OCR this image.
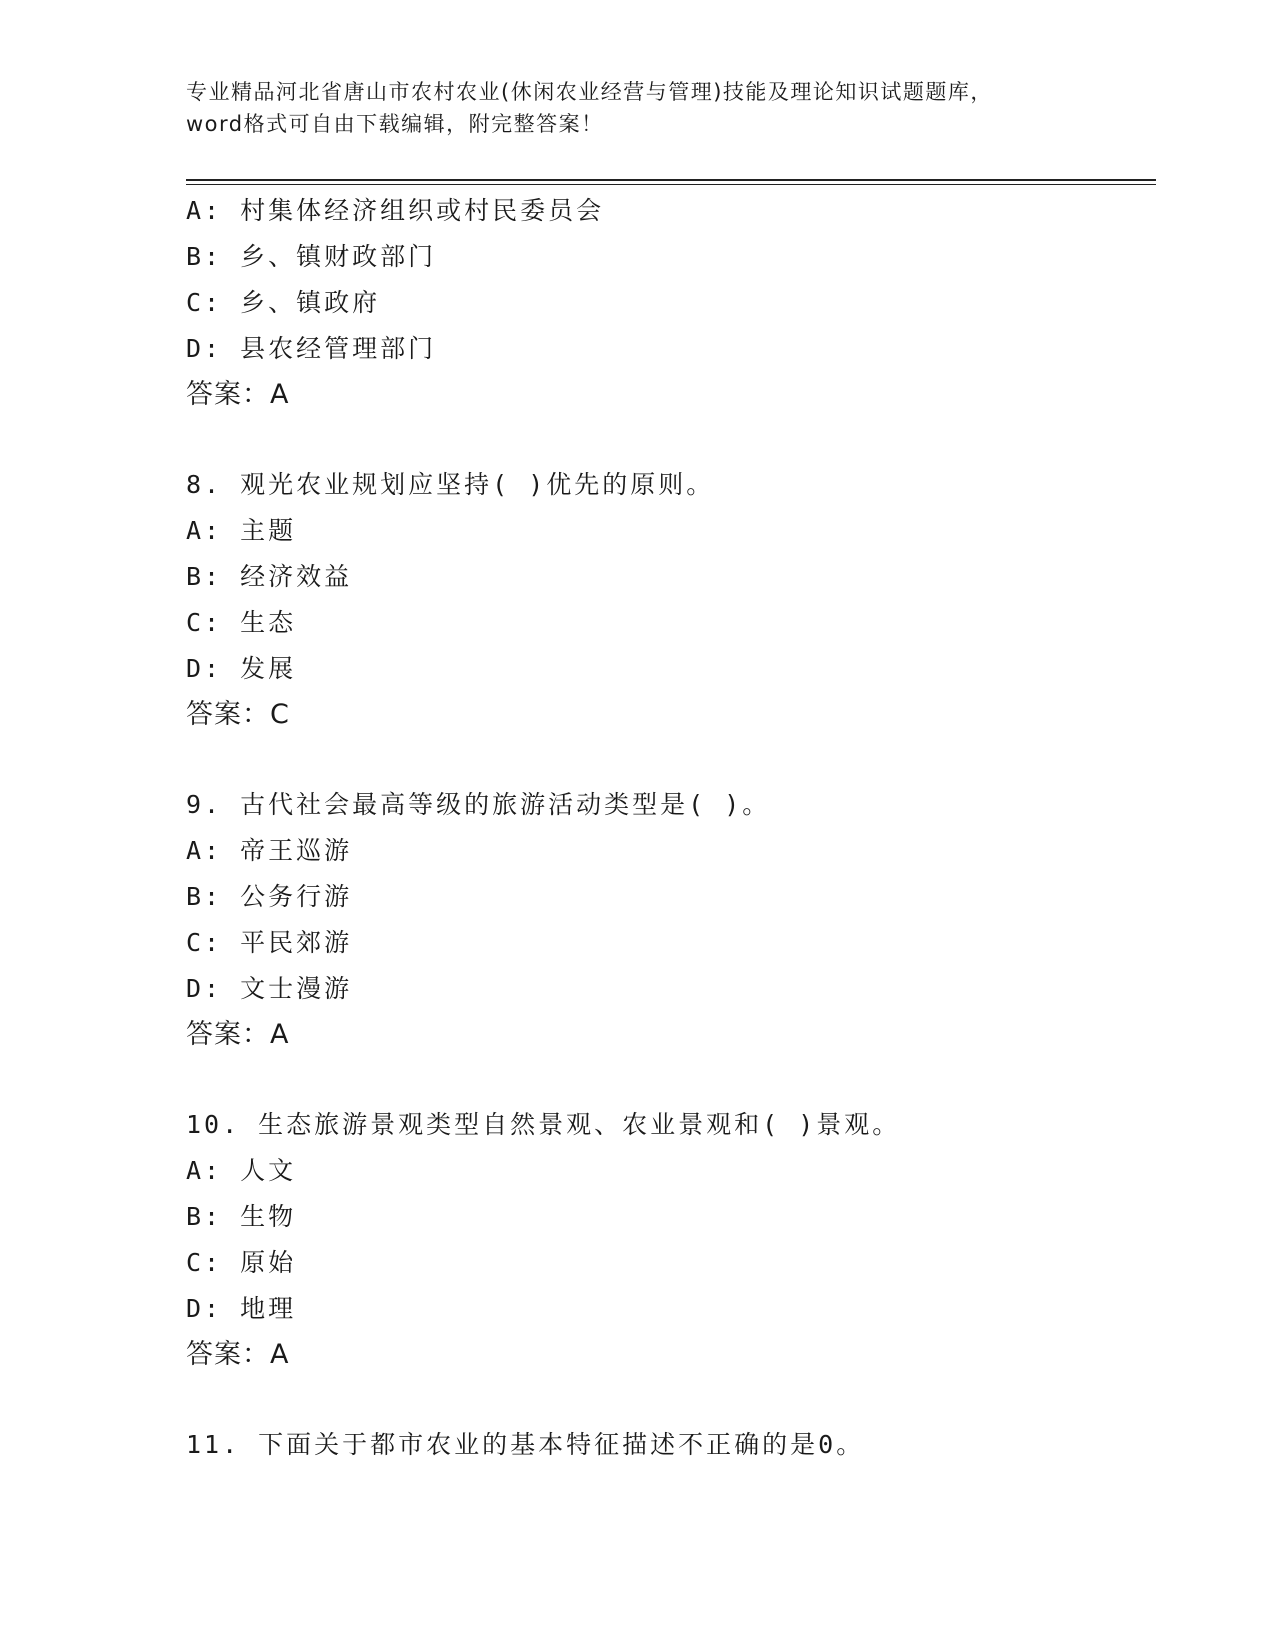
专业精品河北省唐山市农村农业(休闲农业经营与管理)技能及理论知识试题题库，
word格式可自由下载编辑，附完整答案！
A: 村集体经济组织或村民委员会
B: 乡、镇财政部门
C: 乡、镇政府
D: 县农经管理部门
答案：A
8. 观光农业规划应坚持( )优先的原则。
A: 主题
B: 经济效益
C: 生态
D: 发展
答案：C
9. 古代社会最高等级的旅游活动类型是( )。
A: 帝王巡游
B: 公务行游
C: 平民郊游
D: 文士漫游
答案：A
10. 生态旅游景观类型自然景观、农业景观和( )景观。
A: 人文
B: 生物
C: 原始
D: 地理
答案：A
11. 下面关于都市农业的基本特征描述不正确的是0。
